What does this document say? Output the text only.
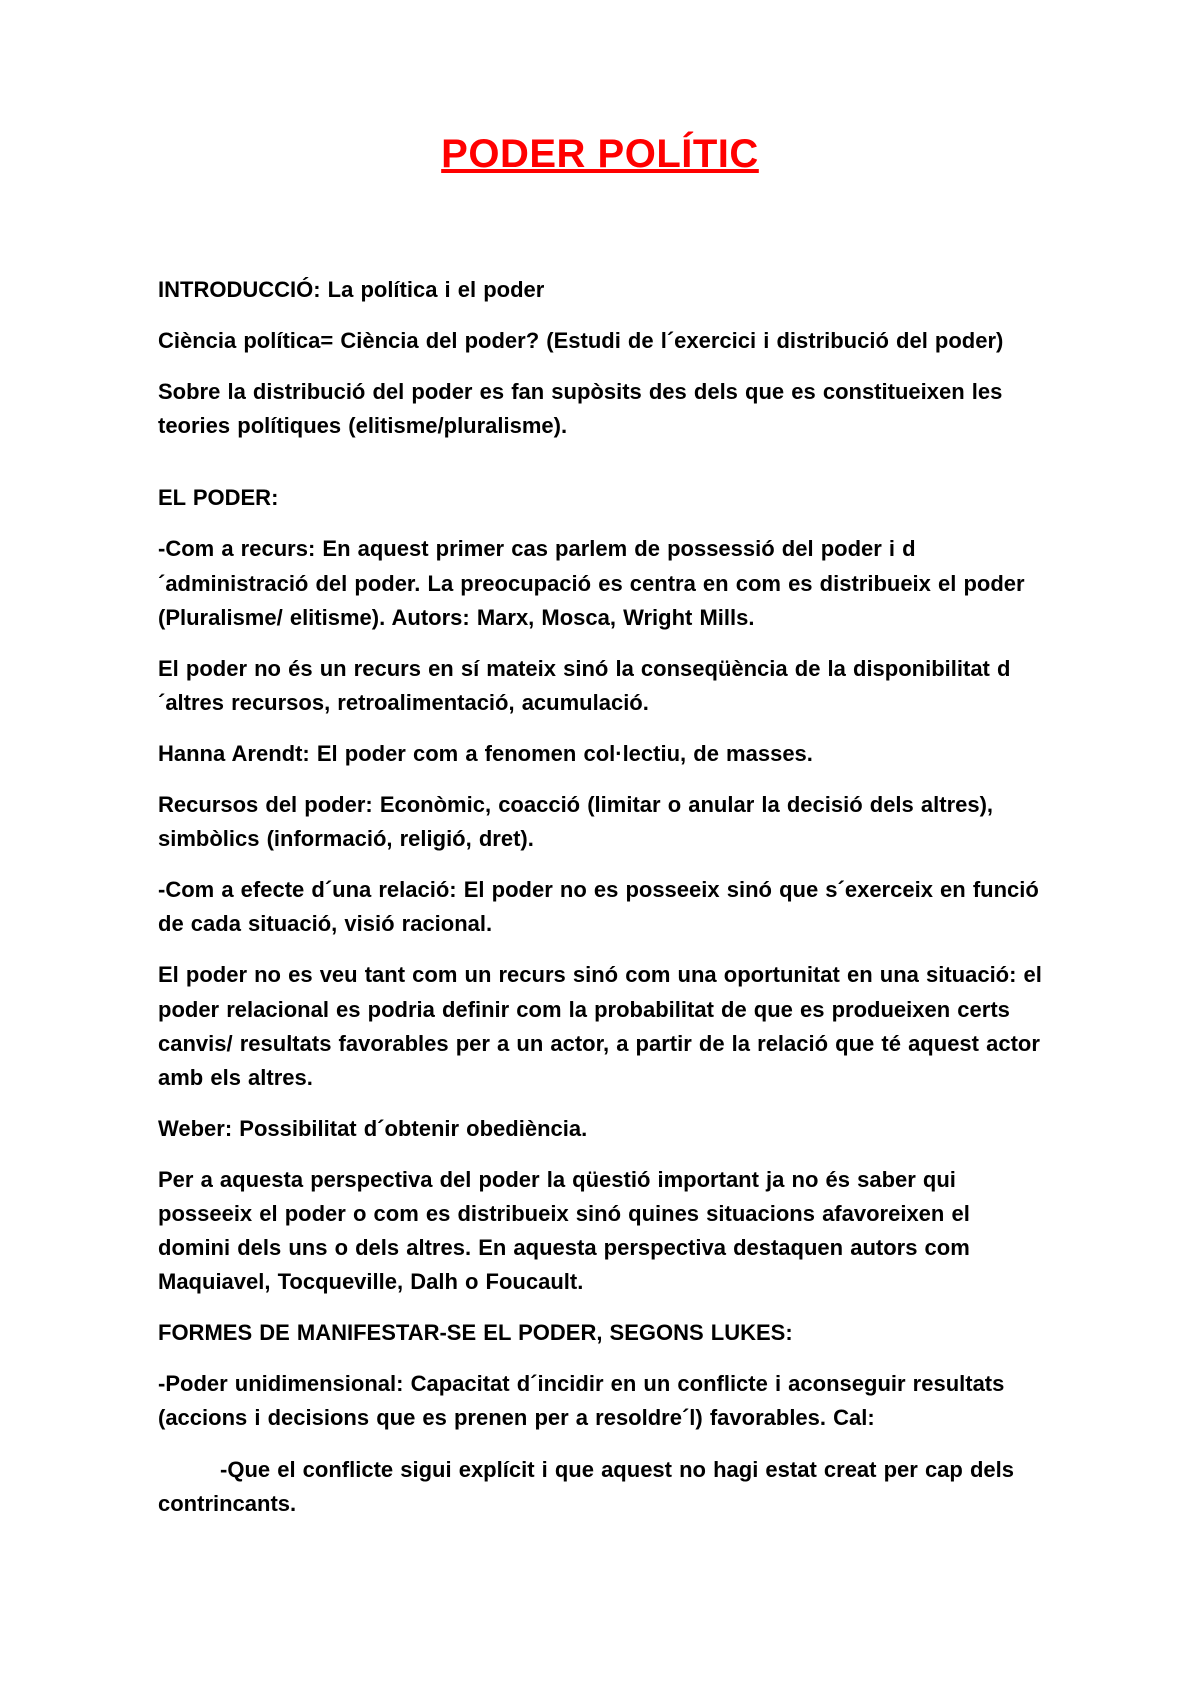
PODER POLÍTIC

INTRODUCCIÓ: La política i el poder

Ciència política= Ciència del poder? (Estudi de l´exercici i distribució del poder)

Sobre la distribució del poder es fan supòsits des dels que es constitueixen les teories polítiques (elitisme/pluralisme).

EL PODER:

-Com a recurs: En aquest primer cas parlem de possessió del poder i d´administració del poder. La preocupació es centra en com es distribueix el poder (Pluralisme/ elitisme). Autors: Marx, Mosca, Wright Mills.

El poder no és un recurs en sí mateix sinó la conseqüència de la disponibilitat d´altres recursos, retroalimentació, acumulació.

Hanna Arendt: El poder com a fenomen col·lectiu, de masses.

Recursos del poder: Econòmic, coacció (limitar o anular la decisió dels altres), simbòlics (informació, religió, dret).

-Com a efecte d´una relació: El poder no es posseeix sinó que s´exerceix en funció de cada situació, visió racional.

El poder no es veu tant com un recurs sinó com una oportunitat en una situació: el poder relacional es podria definir com la probabilitat de que es produeixen certs canvis/ resultats favorables per a un actor, a partir de la relació que té aquest actor amb els altres.

Weber: Possibilitat d´obtenir obediència.

Per a aquesta perspectiva del poder la qüestió important ja no és saber qui posseeix el poder o com es distribueix sinó quines situacions afavoreixen el domini dels uns o dels altres. En aquesta perspectiva destaquen autors com Maquiavel, Tocqueville, Dalh o Foucault.

FORMES DE MANIFESTAR-SE EL PODER, SEGONS LUKES:

-Poder unidimensional: Capacitat d´incidir en un conflicte i aconseguir resultats (accions i decisions que es prenen per a resoldre´l) favorables. Cal:

-Que el conflicte sigui explícit i que aquest no hagi estat creat per cap dels contrincants.
